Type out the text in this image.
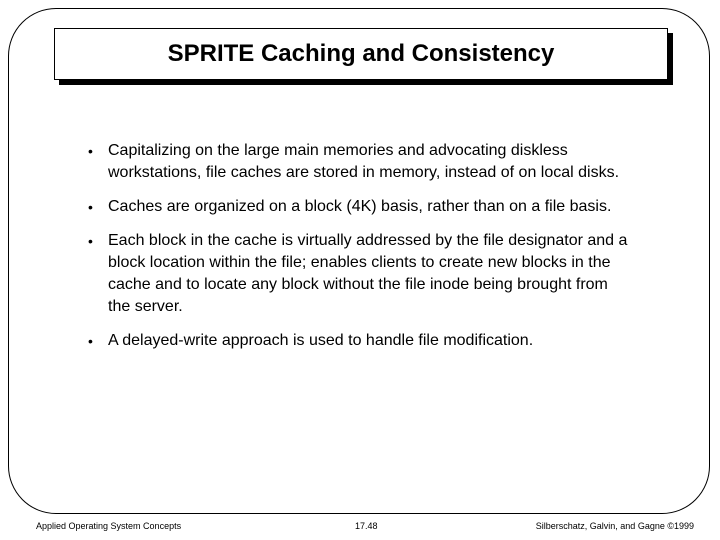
SPRITE Caching and Consistency
• Capitalizing on the large main memories and advocating diskless workstations, file caches are stored in memory, instead of on local disks.
• Caches are organized on a block (4K) basis, rather than on a file basis.
• Each block in the cache is virtually addressed by the file designator and a block location within the file; enables clients to create new blocks in the cache and to locate any block without the file inode being brought from the server.
• A delayed-write approach is used to handle file modification.
Applied Operating System Concepts	17.48	Silberschatz, Galvin, and Gagne ©1999
